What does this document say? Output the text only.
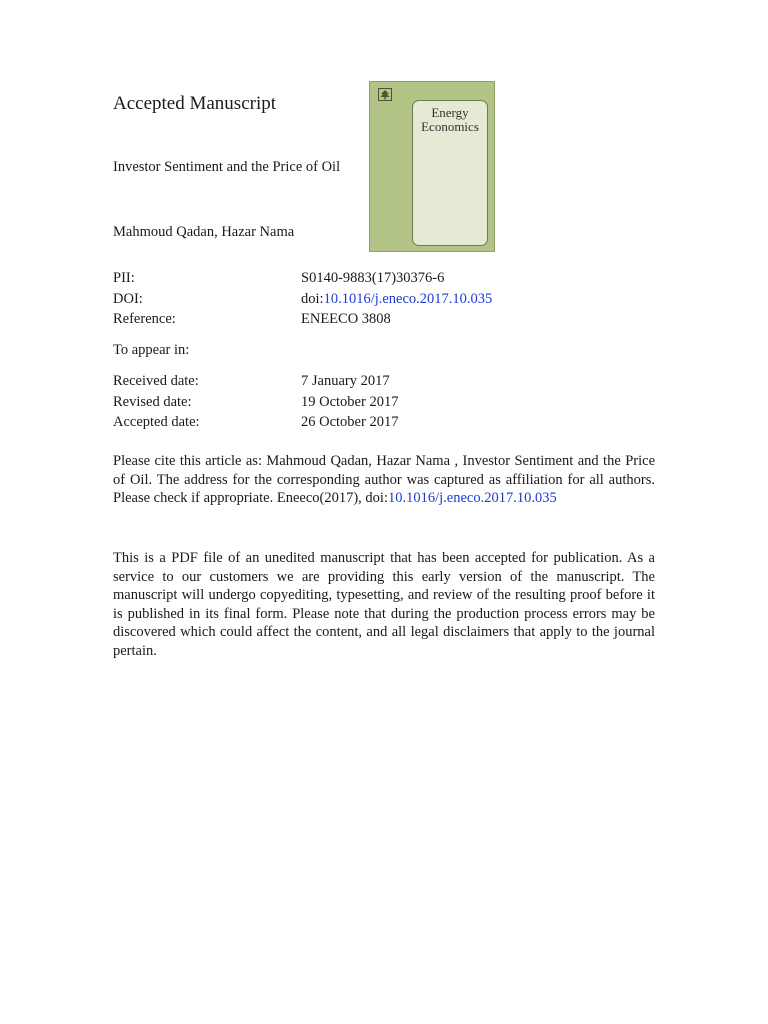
Accepted Manuscript
Investor Sentiment and the Price of Oil
Mahmoud Qadan, Hazar Nama
Energy
Economics
PII:	S0140-9883(17)30376-6
DOI:	doi:10.1016/j.eneco.2017.10.035
Reference:	ENEECO 3808
To appear in:
Received date:	7 January 2017
Revised date:	19 October 2017
Accepted date:	26 October 2017

Please cite this article as: Mahmoud Qadan, Hazar Nama , Investor Sentiment and the Price of Oil. The address for the corresponding author was captured as affiliation for all authors. Please check if appropriate. Eneeco(2017), doi:10.1016/j.eneco.2017.10.035

This is a PDF file of an unedited manuscript that has been accepted for publication. As a service to our customers we are providing this early version of the manuscript. The manuscript will undergo copyediting, typesetting, and review of the resulting proof before it is published in its final form. Please note that during the production process errors may be discovered which could affect the content, and all legal disclaimers that apply to the journal pertain.
